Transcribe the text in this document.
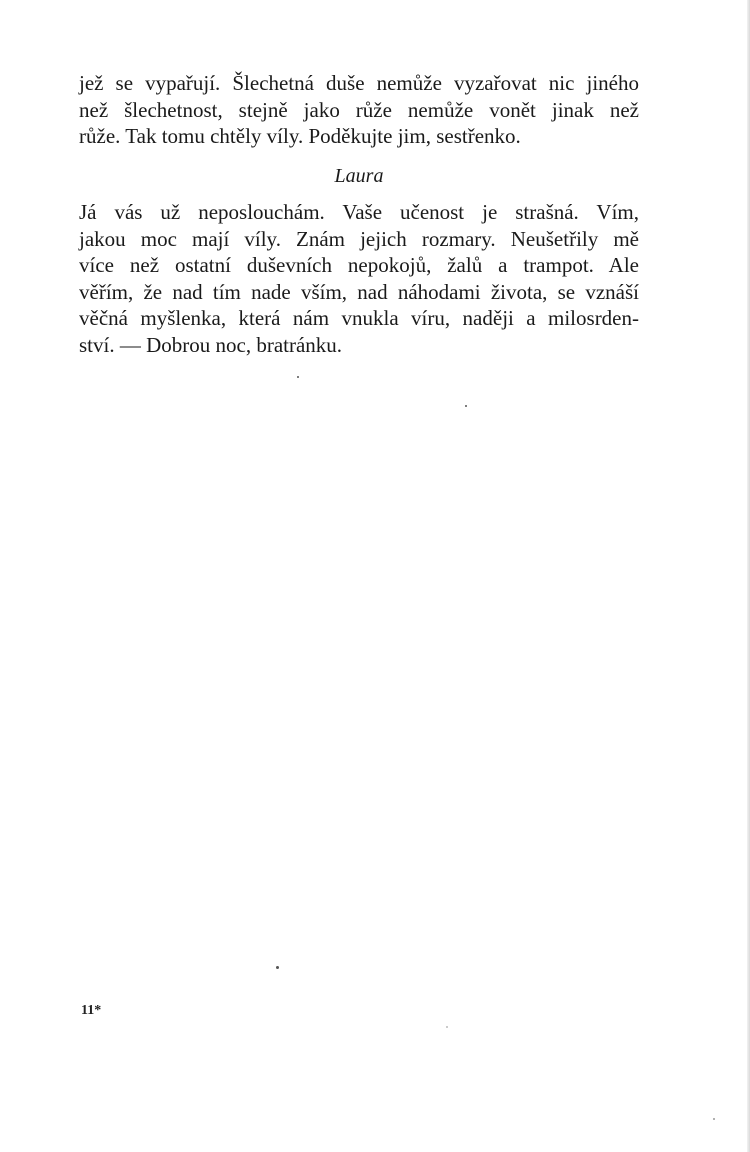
jež se vypařují. Šlechetná duše nemůže vyzařovat nic jiného
než šlechetnost, stejně jako růže nemůže vonět jinak než
růže. Tak tomu chtěly víly. Poděkujte jim, sestřenko.
Laura
Já vás už neposlouchám. Vaše učenost je strašná. Vím,
jakou moc mají víly. Znám jejich rozmary. Neušetřily mě
více než ostatní duševních nepokojů, žalů a trampot. Ale
věřím, že nad tím nade vším, nad náhodami života, se vznáší
věčná myšlenka, která nám vnukla víru, naději a milosrden-
ství. — Dobrou noc, bratránku.
11*
